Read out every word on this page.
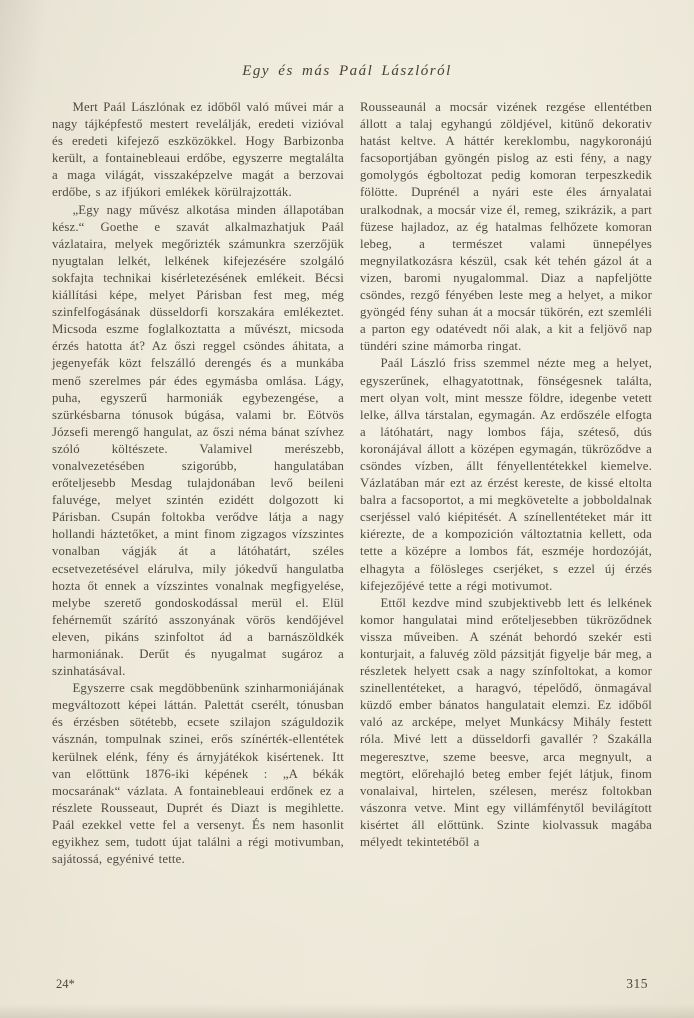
Egy és más Paál Lászlóról

Mert Paál Lászlónak ez időből való művei már a nagy tájképfestő mestert revelálják, eredeti vizióval és eredeti kifejező eszközökkel. Hogy Barbizonba került, a fontainebleaui erdőbe, egyszerre megtalálta a maga világát, visszaképzelve magát a berzovai erdőbe, s az ifjúkori emlékek körülrajzották.

„Egy nagy művész alkotása minden állapotában kész.“ Goethe e szavát alkalmazhatjuk Paál vázlataira, melyek megőrizték számunkra szerzőjük nyugtalan lelkét, lelkének kifejezésére szolgáló sokfajta technikai kisérletezésének emlékeit. Bécsi kiállítási képe, melyet Párisban fest meg, még szinfelfogásának düsseldorfi korszakára emlékeztet. Micsoda eszme foglalkoztatta a művészt, micsoda érzés hatotta át? Az őszi reggel csöndes áhitata, a jegenyefák közt felszálló derengés és a munkába menő szerelmes pár édes egymásba omlása. Lágy, puha, egyszerű harmoniák egybezengése, a szürkésbarna tónusok búgása, valami br. Eötvös Józsefi merengő hangulat, az őszi néma bánat szívhez szóló költészete. Valamivel merészebb, vonalvezetésében szigorúbb, hangulatában erőteljesebb Mesdag tulajdonában levő beileni faluvége, melyet szintén ezidétt dolgozott ki Párisban. Csupán foltokba verődve látja a nagy hollandi háztetőket, a mint finom zigzagos vízszintes vonalban vágják át a látóhatárt, széles ecsetvezetésével elárulva, mily jókedvű hangulatba hozta őt ennek a vízszintes vonalnak megfigyelése, melybe szerető gondoskodással merül el. Elül fehérneműt szárító asszonyának vörös kendőjével eleven, pikáns szinfoltot ád a barnászöldkék harmoniának. Derűt és nyugalmat sugároz a szinhatásával.

Egyszerre csak megdöbbenünk szinharmoniájának megváltozott képei láttán. Palettát cserélt, tónusban és érzésben sötétebb, ecsete szilajon száguldozik vásznán, tompulnak szinei, erős színérték-ellentétek kerülnek elénk, fény és árnyjátékok kisértenek. Itt van előttünk 1876-iki képének : „A békák mocsarának“ vázlata. A fontainebleaui erdőnek ez a részlete Rousseaut, Duprét és Diazt is megihlette. Paál ezekkel vette fel a versenyt. És nem hasonlit egyikhez sem, tudott újat találni a régi motivumban, sajátossá, egyénivé tette.

Rousseaunál a mocsár vizének rezgése ellentétben állott a talaj egyhangú zöldjével, kitünő dekorativ hatást keltve. A háttér kereklombu, nagykoronájú facsoportjában gyöngén pislog az esti fény, a nagy gomolygós égboltozat pedig komoran terpeszkedik fölötte. Duprénél a nyári este éles árnyalatai uralkodnak, a mocsár vize él, remeg, szikrázik, a part füzese hajladoz, az ég hatalmas felhőzete komoran lebeg, a természet valami ünnepélyes megnyilatkozásra készül, csak két tehén gázol át a vizen, baromi nyugalommal. Diaz a napfeljötte csöndes, rezgő fényében leste meg a helyet, a mikor gyöngéd fény suhan át a mocsár tükörén, ezt szemléli a parton egy odatévedt női alak, a kit a feljövő nap tündéri szine mámorba ringat.

Paál László friss szemmel nézte meg a helyet, egyszerűnek, elhagyatottnak, fönségesnek találta, mert olyan volt, mint messze földre, idegenbe vetett lelke, állva társtalan, egymagán. Az erdőszéle elfogta a látóhatárt, nagy lombos fája, széteső, dús koronájával állott a középen egymagán, tükröződve a csöndes vízben, állt fényellentétekkel kiemelve. Vázlatában már ezt az érzést kereste, de kissé eltolta balra a facsoportot, a mi megkövetelte a jobboldalnak cserjéssel való kiépitését. A színellentéteket már itt kiérezte, de a kompozición változtatnia kellett, oda tette a középre a lombos fát, eszméje hordozóját, elhagyta a fölösleges cserjéket, s ezzel új érzés kifejezőjévé tette a régi motivumot.

Ettől kezdve mind szubjektivebb lett és lelkének komor hangulatai mind erőteljesebben tükröződnek vissza műveiben. A szénát behordó szekér esti konturjait, a faluvég zöld pázsitját figyelje bár meg, a részletek helyett csak a nagy színfoltokat, a komor szinellentéteket, a haragvó, tépelődő, önmagával küzdő ember bánatos hangulatait elemzi. Ez időből való az arcképe, melyet Munkácsy Mihály festett róla. Mivé lett a düsseldorfi gavallér ? Szakálla megeresztve, szeme beesve, arca megnyult, a megtört, előrehajló beteg ember fejét látjuk, finom vonalaival, hirtelen, szélesen, merész foltokban vászonra vetve. Mint egy villámfénytől bevilágított kisértet áll előttünk. Szinte kiolvassuk magába mélyedt tekintetéből a

24*	315
